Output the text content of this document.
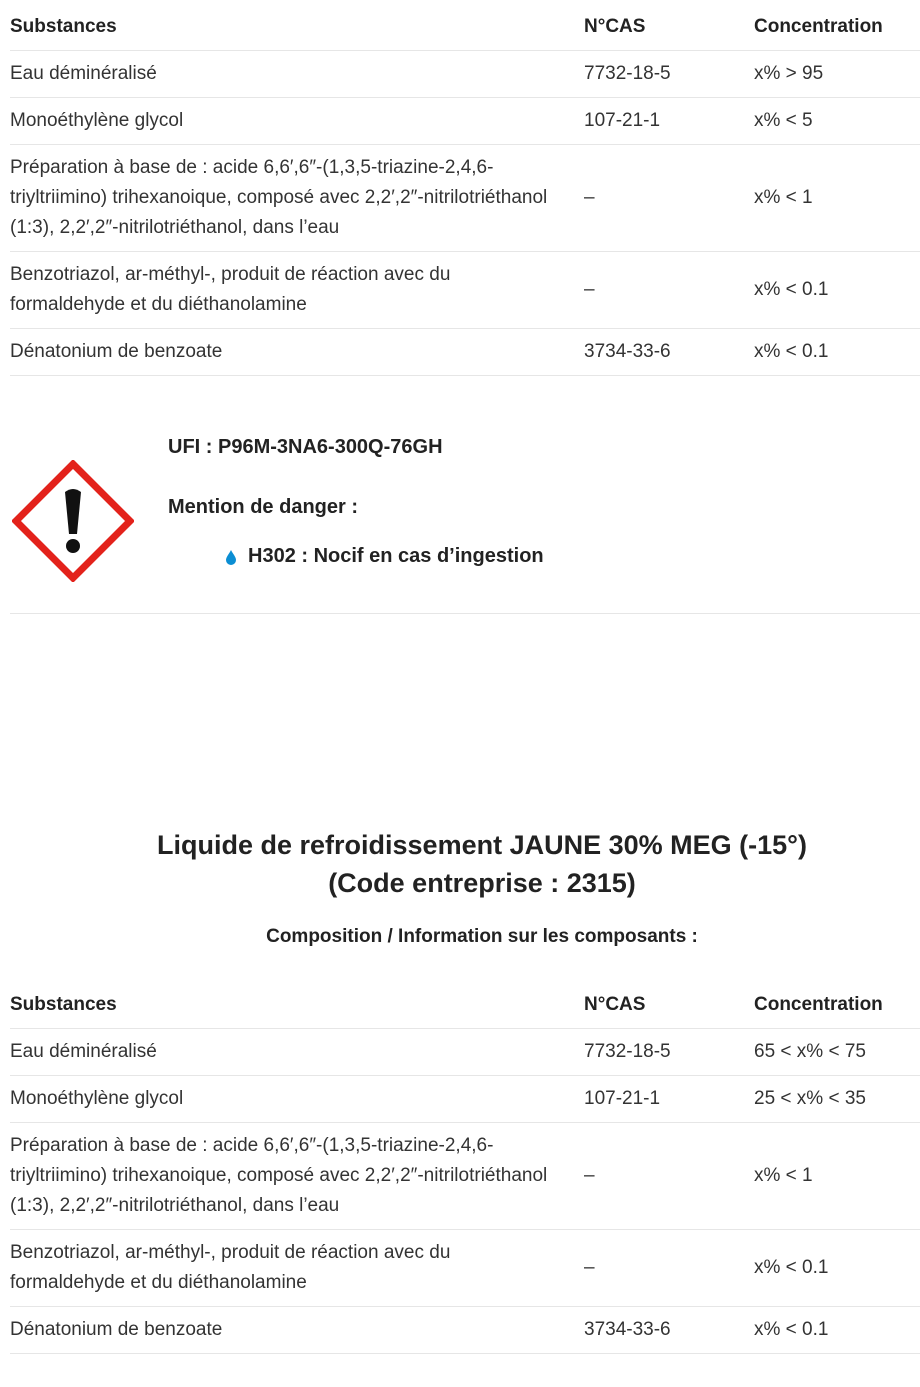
Substances	N°CAS	Concentration
Eau déminéralisé	7732-18-5	x% > 95
Monoéthylène glycol	107-21-1	x% < 5
Préparation à base de : acide 6,6′,6″-(1,3,5-triazine-2,4,6-triyltriimino) trihexanoique, composé avec 2,2′,2″-nitrilotriéthanol (1:3), 2,2′,2″-nitrilotriéthanol, dans l’eau	–	x% < 1
Benzotriazol, ar-méthyl-, produit de réaction avec du formaldehyde et du diéthanolamine	–	x% < 0.1
Dénatonium de benzoate	3734-33-6	x% < 0.1

UFI : P96M-3NA6-300Q-76GH

Mention de danger :

H302 : Nocif en cas d’ingestion
Liquide de refroidissement JAUNE 30% MEG (-15°)
(Code entreprise : 2315)

Composition / Information sur les composants :

Substances	N°CAS	Concentration
Eau déminéralisé	7732-18-5	65 < x% < 75
Monoéthylène glycol	107-21-1	25 < x% < 35
Préparation à base de : acide 6,6′,6″-(1,3,5-triazine-2,4,6-triyltriimino) trihexanoique, composé avec 2,2′,2″-nitrilotriéthanol (1:3), 2,2′,2″-nitrilotriéthanol, dans l’eau	–	x% < 1
Benzotriazol, ar-méthyl-, produit de réaction avec du formaldehyde et du diéthanolamine	–	x% < 0.1
Dénatonium de benzoate	3734-33-6	x% < 0.1
